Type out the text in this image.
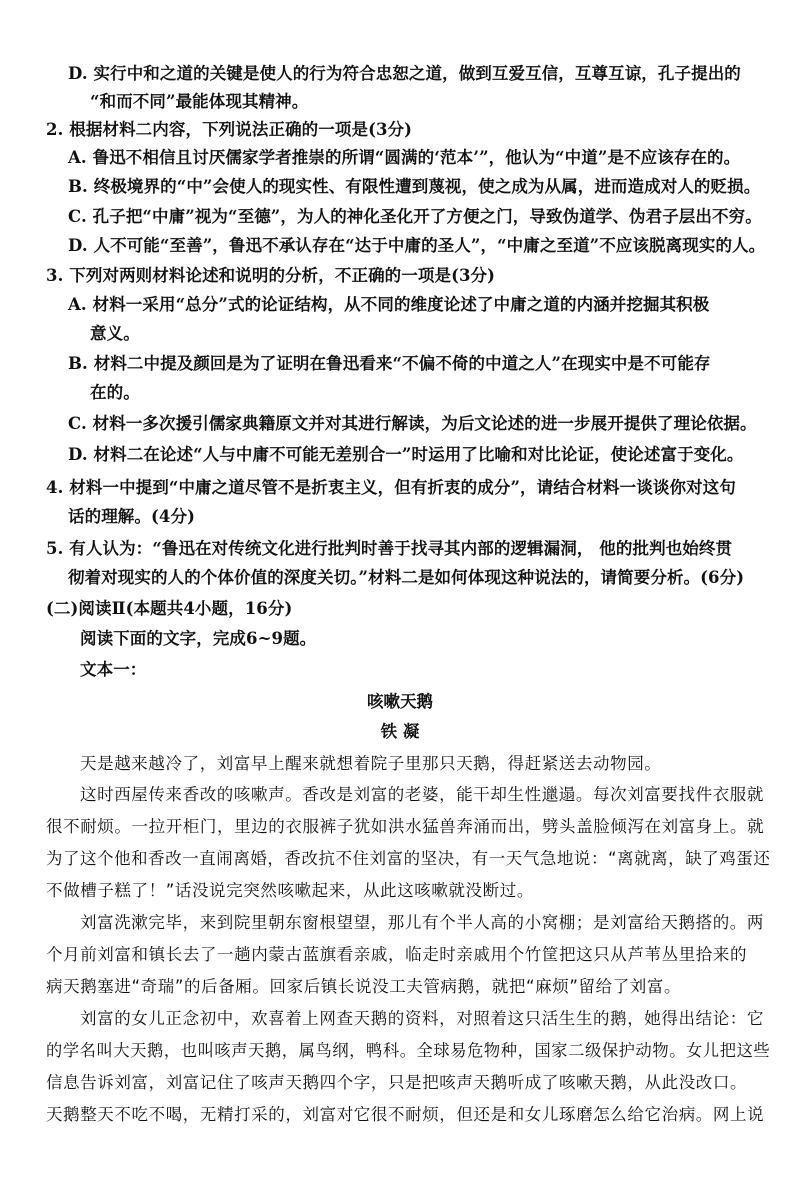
D. 实行中和之道的关键是使人的行为符合忠恕之道，做到互爱互信，互尊互谅，孔子提出的
“和而不同”最能体现其精神。
2. 根据材料二内容，下列说法正确的一项是(3分)
A. 鲁迅不相信且讨厌儒家学者推崇的所谓“圆满的‘范本’”，他认为“中道”是不应该存在的。
B. 终极境界的“中”会使人的现实性、有限性遭到蔑视，使之成为从属，进而造成对人的贬损。
C. 孔子把“中庸”视为“至德”，为人的神化圣化开了方便之门，导致伪道学、伪君子层出不穷。
D. 人不可能“至善”，鲁迅不承认存在“达于中庸的圣人”，“中庸之至道”不应该脱离现实的人。
3. 下列对两则材料论述和说明的分析，不正确的一项是(3分)
A. 材料一采用“总分”式的论证结构，从不同的维度论述了中庸之道的内涵并挖掘其积极
意义。
B. 材料二中提及颜回是为了证明在鲁迅看来“不偏不倚的中道之人”在现实中是不可能存
在的。
C. 材料一多次援引儒家典籍原文并对其进行解读，为后文论述的进一步展开提供了理论依据。
D. 材料二在论述“人与中庸不可能无差别合一”时运用了比喻和对比论证，使论述富于变化。
4. 材料一中提到“中庸之道尽管不是折衷主义，但有折衷的成分”，请结合材料一谈谈你对这句
话的理解。(4分)
5. 有人认为：“鲁迅在对传统文化进行批判时善于找寻其内部的逻辑漏洞， 他的批判也始终贯
彻着对现实的人的个体价值的深度关切。”材料二是如何体现这种说法的，请简要分析。(6分)
(二)阅读Ⅱ(本题共4小题，16分)
阅读下面的文字，完成6~9题。
文本一：
咳嗽天鹅
铁 凝
天是越来越冷了，刘富早上醒来就想着院子里那只天鹅，得赶紧送去动物园。
这时西屋传来香改的咳嗽声。香改是刘富的老婆，能干却生性邋遢。每次刘富要找件衣服就
很不耐烦。一拉开柜门，里边的衣服裤子犹如洪水猛兽奔涌而出，劈头盖脸倾泻在刘富身上。就
为了这个他和香改一直闹离婚，香改抗不住刘富的坚决，有一天气急地说：“离就离，缺了鸡蛋还
不做槽子糕了！”话没说完突然咳嗽起来，从此这咳嗽就没断过。
刘富洗漱完毕，来到院里朝东窗根望望，那儿有个半人高的小窝棚；是刘富给天鹅搭的。两
个月前刘富和镇长去了一趟内蒙古蓝旗看亲戚，临走时亲戚用个竹筐把这只从芦苇丛里拾来的
病天鹅塞进“奇瑞”的后备厢。回家后镇长说没工夫管病鹅，就把“麻烦”留给了刘富。
刘富的女儿正念初中，欢喜着上网查天鹅的资料，对照着这只活生生的鹅，她得出结论：它
的学名叫大天鹅，也叫咳声天鹅，属鸟纲，鸭科。全球易危物种，国家二级保护动物。女儿把这些
信息告诉刘富，刘富记住了咳声天鹅四个字，只是把咳声天鹅听成了咳嗽天鹅，从此没改口。
天鹅整天不吃不喝，无精打采的，刘富对它很不耐烦，但还是和女儿琢磨怎么给它治病。网上说
